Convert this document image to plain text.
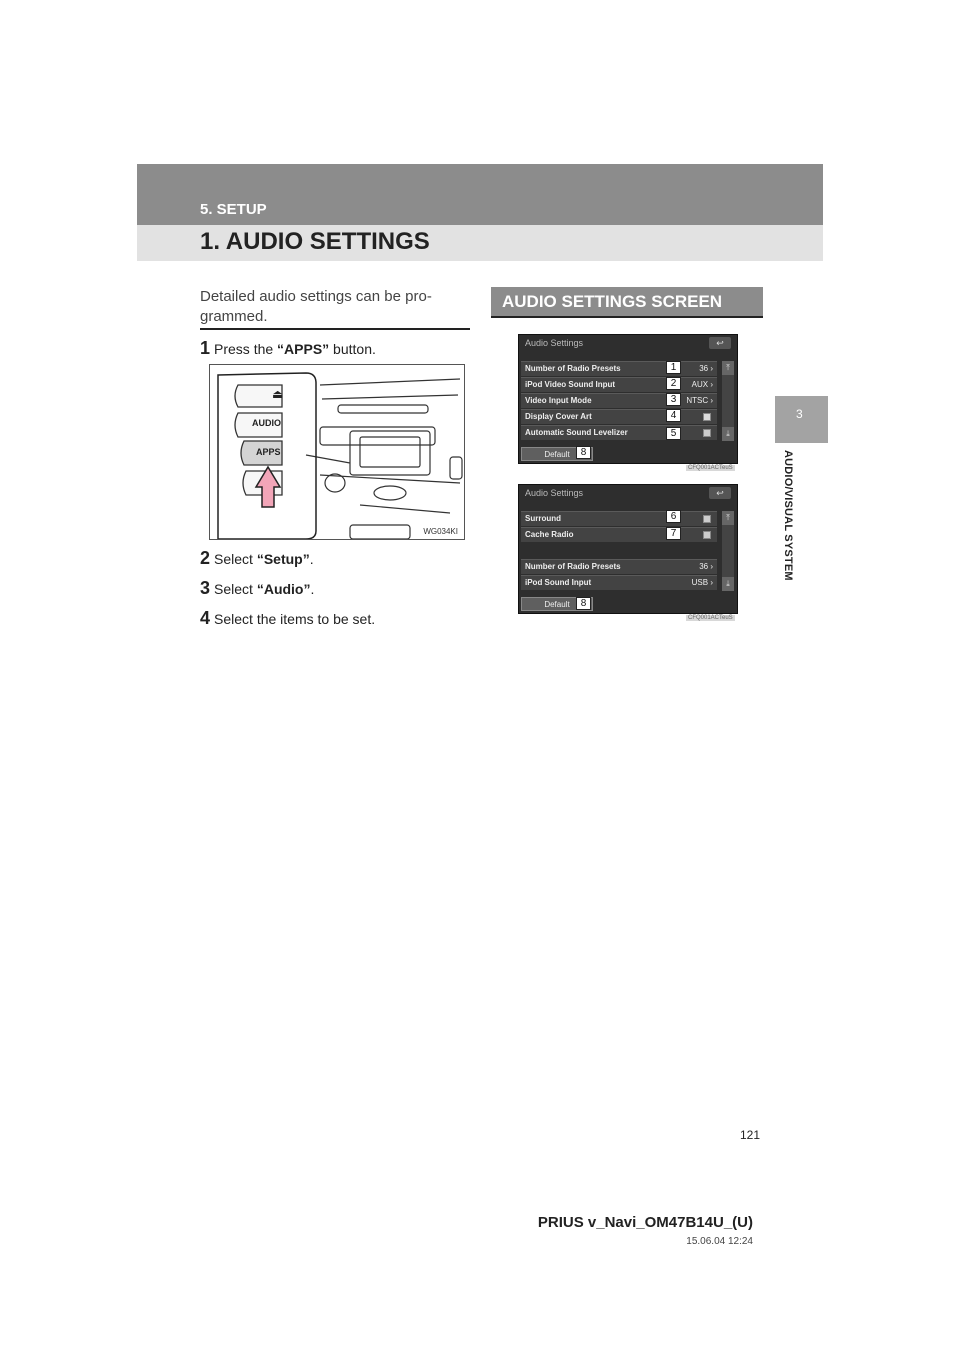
5. SETUP
1. AUDIO SETTINGS
3
AUDIO/VISUAL SYSTEM
Detailed audio settings can be pro-
grammed.
1 Press the “APPS” button.
⏏
AUDIO
APPS
WG034KI
2 Select “Setup”.
3 Select “Audio”.
4 Select the items to be set.
AUDIO SETTINGS SCREEN
Audio Settings	↩
Number of Radio Presets	36 ›
iPod Video Sound Input	AUX ›
Video Input Mode	NTSC ›
Display Cover Art
Automatic Sound Levelizer
⤒
⤓
Default
1
2
3
4
5
8
CFQ001ACTeuS
Audio Settings	↩
Surround
Cache Radio
Number of Radio Presets	36 ›
iPod Sound Input	USB ›
⤒
⤓
Default
6
7
8
CFQ001ACTeuS
121
PRIUS v_Navi_OM47B14U_(U)
15.06.04 12:24
